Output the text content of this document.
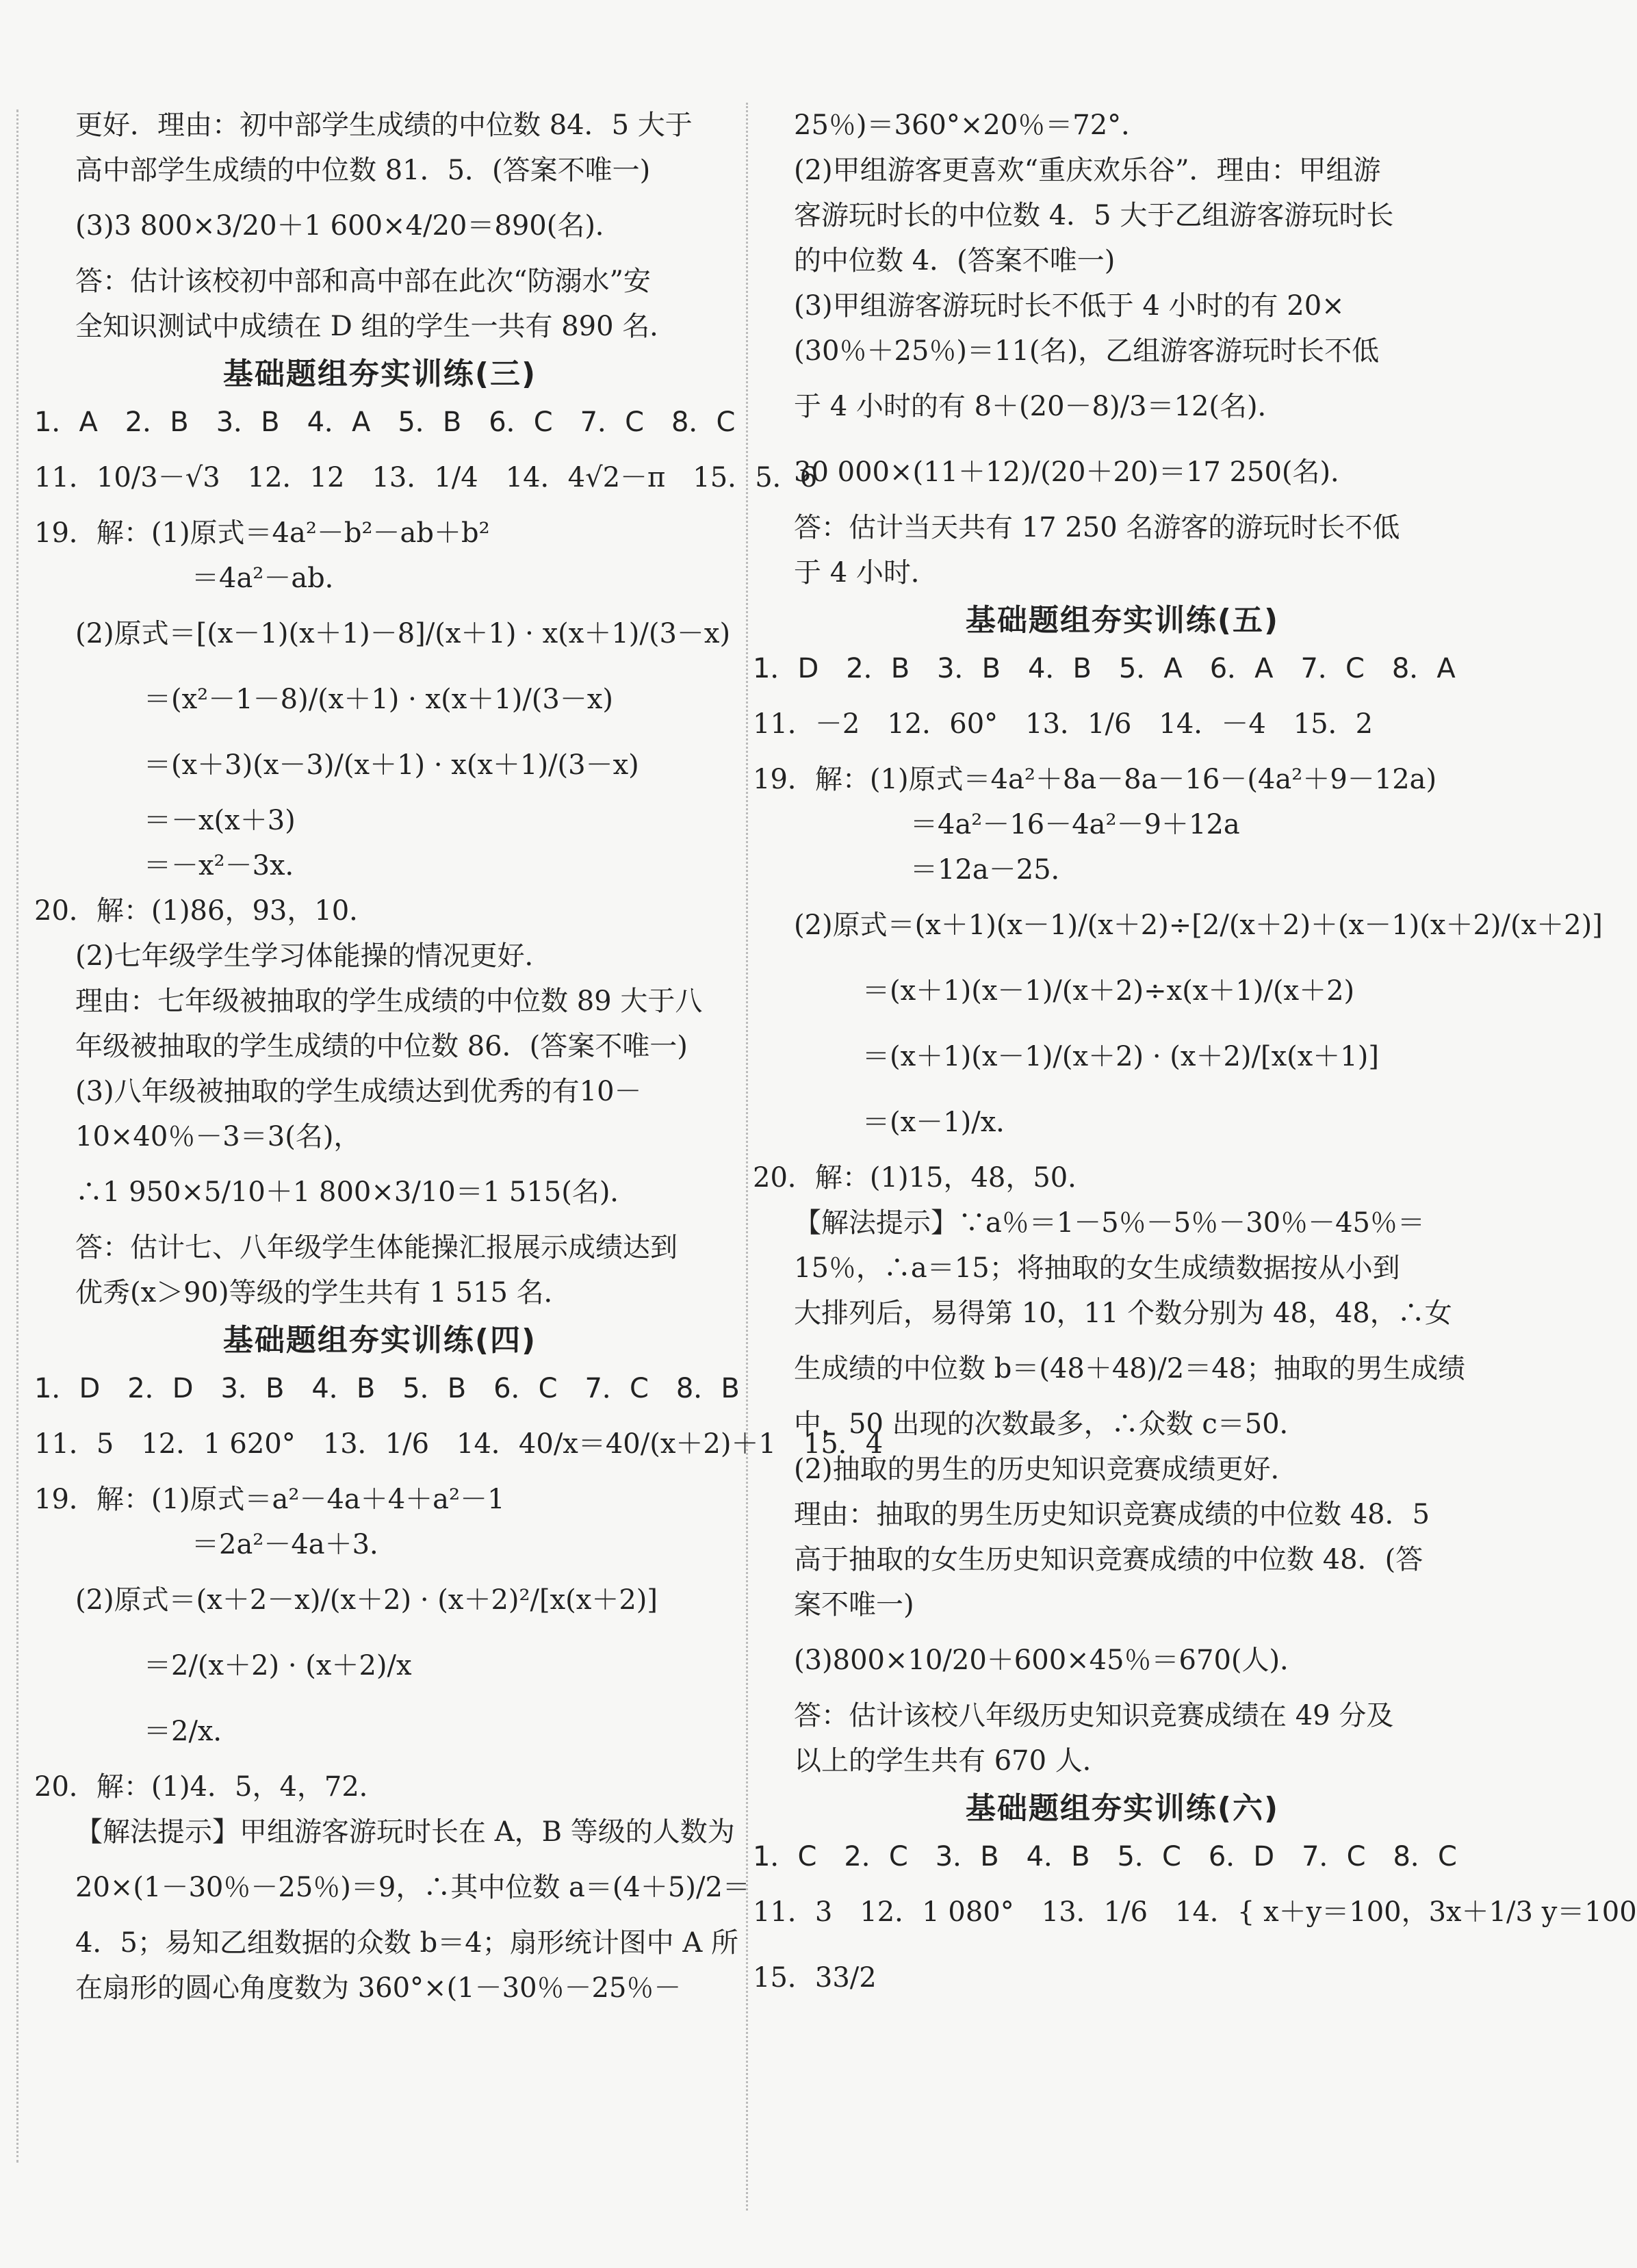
更好．理由：初中部学生成绩的中位数 84．5 大于
高中部学生成绩的中位数 81．5．(答案不唯一)
(3)3 800×3/20＋1 600×4/20＝890(名)．
答：估计该校初中部和高中部在此次“防溺水”安
全知识测试中成绩在 D 组的学生一共有 890 名．
基础题组夯实训练(三)
1．A　2．B　3．B　4．A　5．B　6．C　7．C　8．C
11．10/3－√3　12．12　13．1/4　14．4√2－π　15．5．6
19．解：(1)原式＝4a²－b²－ab＋b²
＝4a²－ab．
(2)原式＝[(x－1)(x＋1)－8]/(x＋1) · x(x＋1)/(3－x)
＝(x²－1－8)/(x＋1) · x(x＋1)/(3－x)
＝(x＋3)(x－3)/(x＋1) · x(x＋1)/(3－x)
＝－x(x＋3)
＝－x²－3x．
20．解：(1)86，93，10．
(2)七年级学生学习体能操的情况更好．
理由：七年级被抽取的学生成绩的中位数 89 大于八
年级被抽取的学生成绩的中位数 86．(答案不唯一)
(3)八年级被抽取的学生成绩达到优秀的有10－
10×40％－3＝3(名)，
∴1 950×5/10＋1 800×3/10＝1 515(名)．
答：估计七、八年级学生体能操汇报展示成绩达到
优秀(x＞90)等级的学生共有 1 515 名．
基础题组夯实训练(四)
1．D　2．D　3．B　4．B　5．B　6．C　7．C　8．B
11．5　12．1 620°　13．1/6　14．40/x＝40/(x＋2)＋1　15．4
19．解：(1)原式＝a²－4a＋4＋a²－1
＝2a²－4a＋3．
(2)原式＝(x＋2－x)/(x＋2) · (x＋2)²/[x(x＋2)]
＝2/(x＋2) · (x＋2)/x
＝2/x．
20．解：(1)4．5，4，72．
【解法提示】甲组游客游玩时长在 A，B 等级的人数为
20×(1－30％－25％)＝9，∴其中位数 a＝(4＋5)/2＝
4．5；易知乙组数据的众数 b＝4；扇形统计图中 A 所
在扇形的圆心角度数为 360°×(1－30％－25％－
25％)＝360°×20％＝72°．
(2)甲组游客更喜欢“重庆欢乐谷”．理由：甲组游
客游玩时长的中位数 4．5 大于乙组游客游玩时长
的中位数 4．(答案不唯一)
(3)甲组游客游玩时长不低于 4 小时的有 20×
(30％＋25％)＝11(名)，乙组游客游玩时长不低
于 4 小时的有 8＋(20－8)/3＝12(名)．
30 000×(11＋12)/(20＋20)＝17 250(名)．
答：估计当天共有 17 250 名游客的游玩时长不低
于 4 小时．
基础题组夯实训练(五)
1．D　2．B　3．B　4．B　5．A　6．A　7．C　8．A
11．－2　12．60°　13．1/6　14．－4　15．2
19．解：(1)原式＝4a²＋8a－8a－16－(4a²＋9－12a)
＝4a²－16－4a²－9＋12a
＝12a－25．
(2)原式＝(x＋1)(x－1)/(x＋2)÷[2/(x＋2)＋(x－1)(x＋2)/(x＋2)]
＝(x＋1)(x－1)/(x＋2)÷x(x＋1)/(x＋2)
＝(x＋1)(x－1)/(x＋2) · (x＋2)/[x(x＋1)]
＝(x－1)/x．
20．解：(1)15，48，50．
【解法提示】∵a％＝1－5％－5％－30％－45％＝
15％，∴a＝15；将抽取的女生成绩数据按从小到
大排列后，易得第 10，11 个数分别为 48，48，∴女
生成绩的中位数 b＝(48＋48)/2＝48；抽取的男生成绩
中，50 出现的次数最多，∴众数 c＝50．
(2)抽取的男生的历史知识竞赛成绩更好．
理由：抽取的男生历史知识竞赛成绩的中位数 48．5
高于抽取的女生历史知识竞赛成绩的中位数 48．(答
案不唯一)
(3)800×10/20＋600×45％＝670(人)．
答：估计该校八年级历史知识竞赛成绩在 49 分及
以上的学生共有 670 人．
基础题组夯实训练(六)
1．C　2．C　3．B　4．B　5．C　6．D　7．C　8．C
11．3　12．1 080°　13．1/6　14．{ x＋y＝100，3x＋1/3 y＝100
15．33/2
